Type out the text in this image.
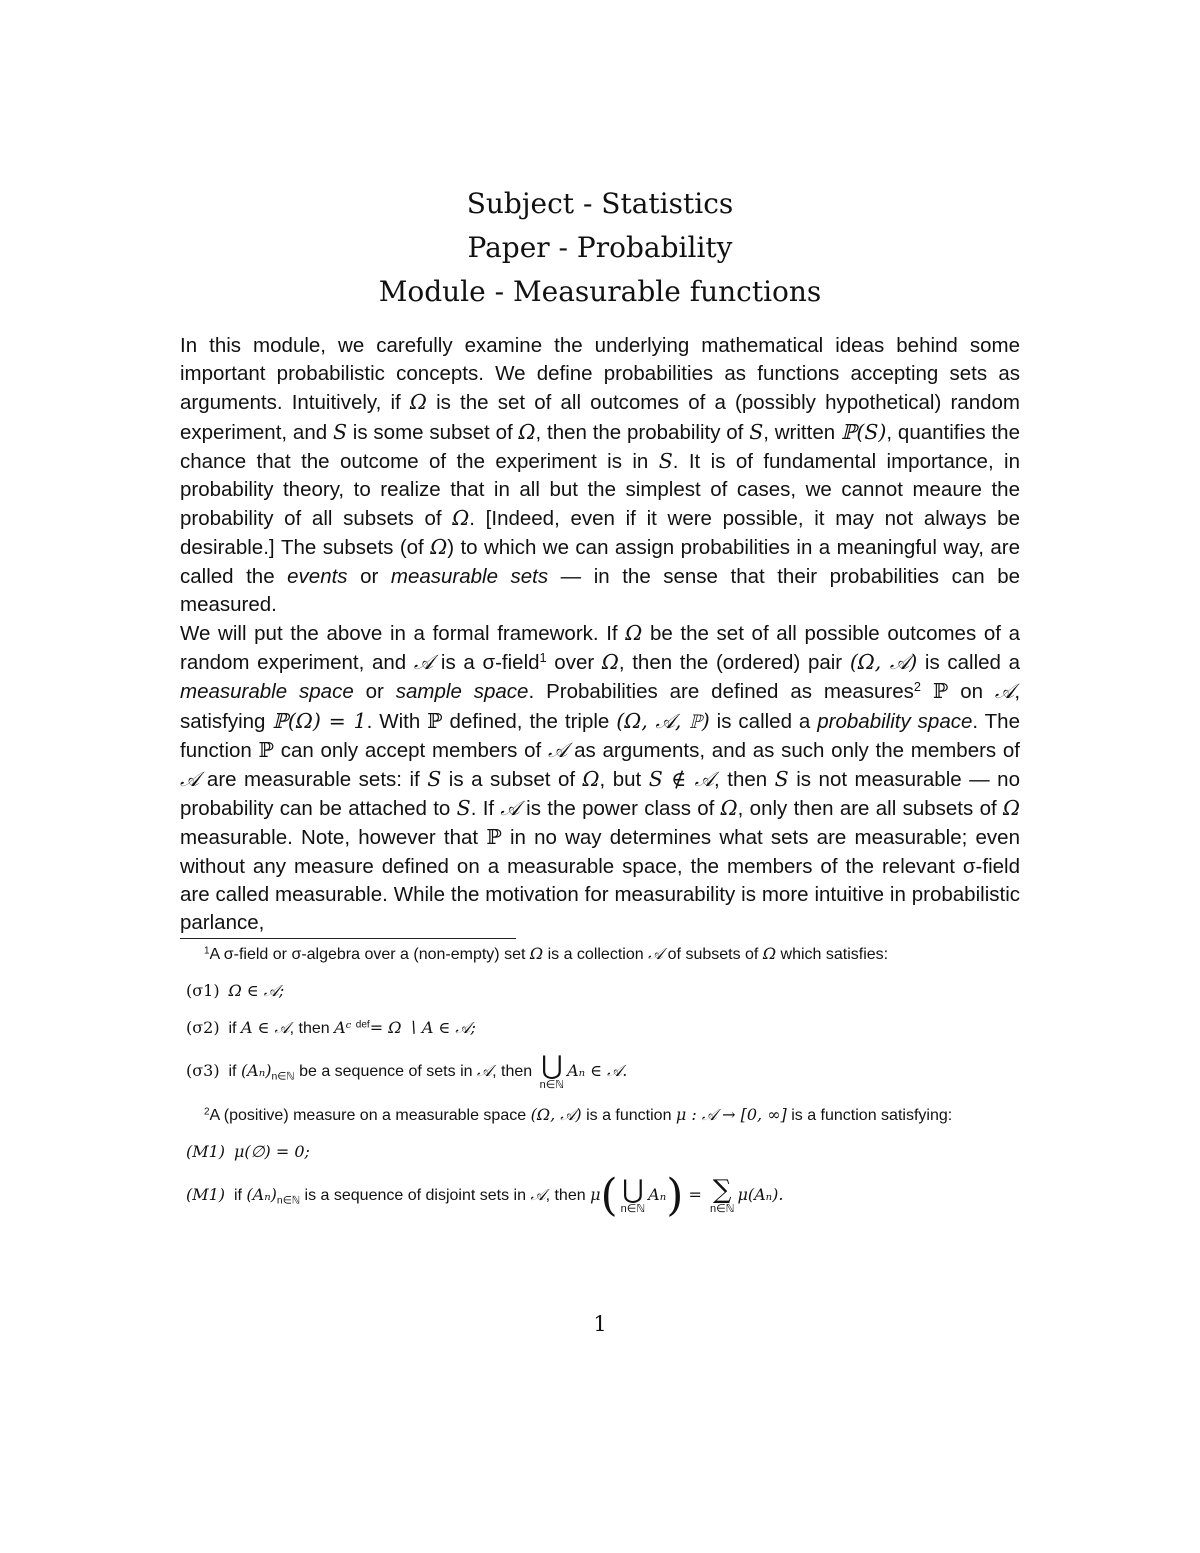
Subject - Statistics
Paper - Probability
Module - Measurable functions

In this module, we carefully examine the underlying mathematical ideas behind some important probabilistic concepts. We define probabilities as functions accepting sets as arguments. Intuitively, if Ω is the set of all outcomes of a (possibly hypothetical) random experiment, and S is some subset of Ω, then the probability of S, written ℙ(S), quantifies the chance that the outcome of the experiment is in S. It is of fundamental importance, in probability theory, to realize that in all but the simplest of cases, we cannot meaure the probability of all subsets of Ω. [Indeed, even if it were possible, it may not always be desirable.] The subsets (of Ω) to which we can assign probabilities in a meaningful way, are called the events or measurable sets — in the sense that their probabilities can be measured.

We will put the above in a formal framework. If Ω be the set of all possible outcomes of a random experiment, and 𝒜 is a σ-field$^1$ over Ω, then the (ordered) pair (Ω, 𝒜) is called a measurable space or sample space. Probabilities are defined as measures$^2$ ℙ on 𝒜, satisfying ℙ(Ω) = 1. With ℙ defined, the triple (Ω, 𝒜, ℙ) is called a probability space. The function ℙ can only accept members of 𝒜 as arguments, and as such only the members of 𝒜 are measurable sets: if S is a subset of Ω, but S ∉ 𝒜, then S is not measurable — no probability can be attached to S. If 𝒜 is the power class of Ω, only then are all subsets of Ω measurable. Note, however that ℙ in no way determines what sets are measurable; even without any measure defined on a measurable space, the members of the relevant σ-field are called measurable. While the motivation for measurability is more intuitive in probabilistic parlance,

$^1$A σ-field or σ-algebra over a (non-empty) set Ω is a collection 𝒜 of subsets of Ω which satisfies:

(σ1) Ω ∈ 𝒜;
(σ2) if A ∈ 𝒜, then Aᶜ $^{def}$= Ω ∖ A ∈ 𝒜;
(σ3) if $(A_n)_{n\in ℕ}$ be a sequence of sets in 𝒜, then ⋃
n∈ℕ
Aₙ ∈ 𝒜.

$^2$A (positive) measure on a measurable space (Ω, 𝒜) is a function μ : 𝒜 → [0, ∞] is a function satisfying:

(M1) μ(∅) = 0;
(M1) if $(A_n)_{n\in ℕ}$ is a sequence of disjoint sets in 𝒜, then μ( ⋃
n∈ℕ
Aₙ) = ∑
n∈ℕ
μ(Aₙ).
1
